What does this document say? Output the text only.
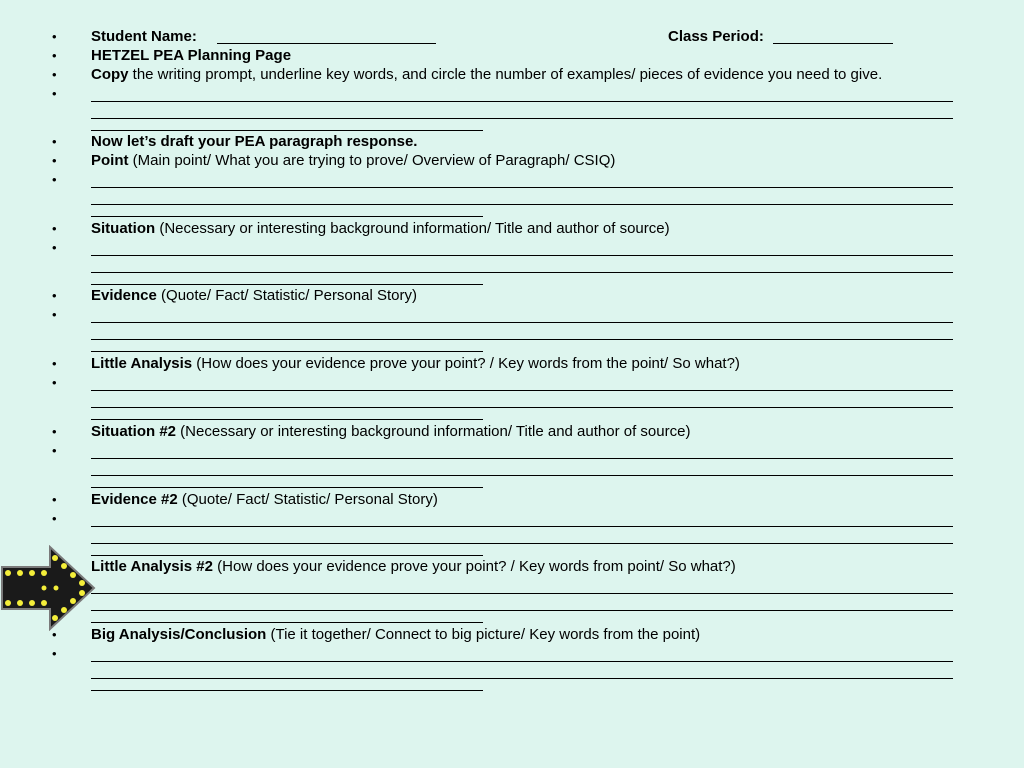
• Student Name:	Class Period:
• HETZEL PEA Planning Page
• Copy the writing prompt, underline key words, and circle the number of examples/ pieces of evidence you need to give.
•
• Now let’s draft your PEA paragraph response.
• Point (Main point/ What you are trying to prove/ Overview of Paragraph/ CSIQ)
•
• Situation (Necessary or interesting background information/ Title and author of source)
•
• Evidence (Quote/ Fact/ Statistic/ Personal Story)
•
• Little Analysis (How does your evidence prove your point? / Key words from the point/ So what?)
•
• Situation #2 (Necessary or interesting background information/ Title and author of source)
•
• Evidence #2 (Quote/ Fact/ Statistic/ Personal Story)
•
Little Analysis #2 (How does your evidence prove your point? / Key words from point/ So what?)
• Big Analysis/Conclusion (Tie it together/ Connect to big picture/ Key words from the point)
•
